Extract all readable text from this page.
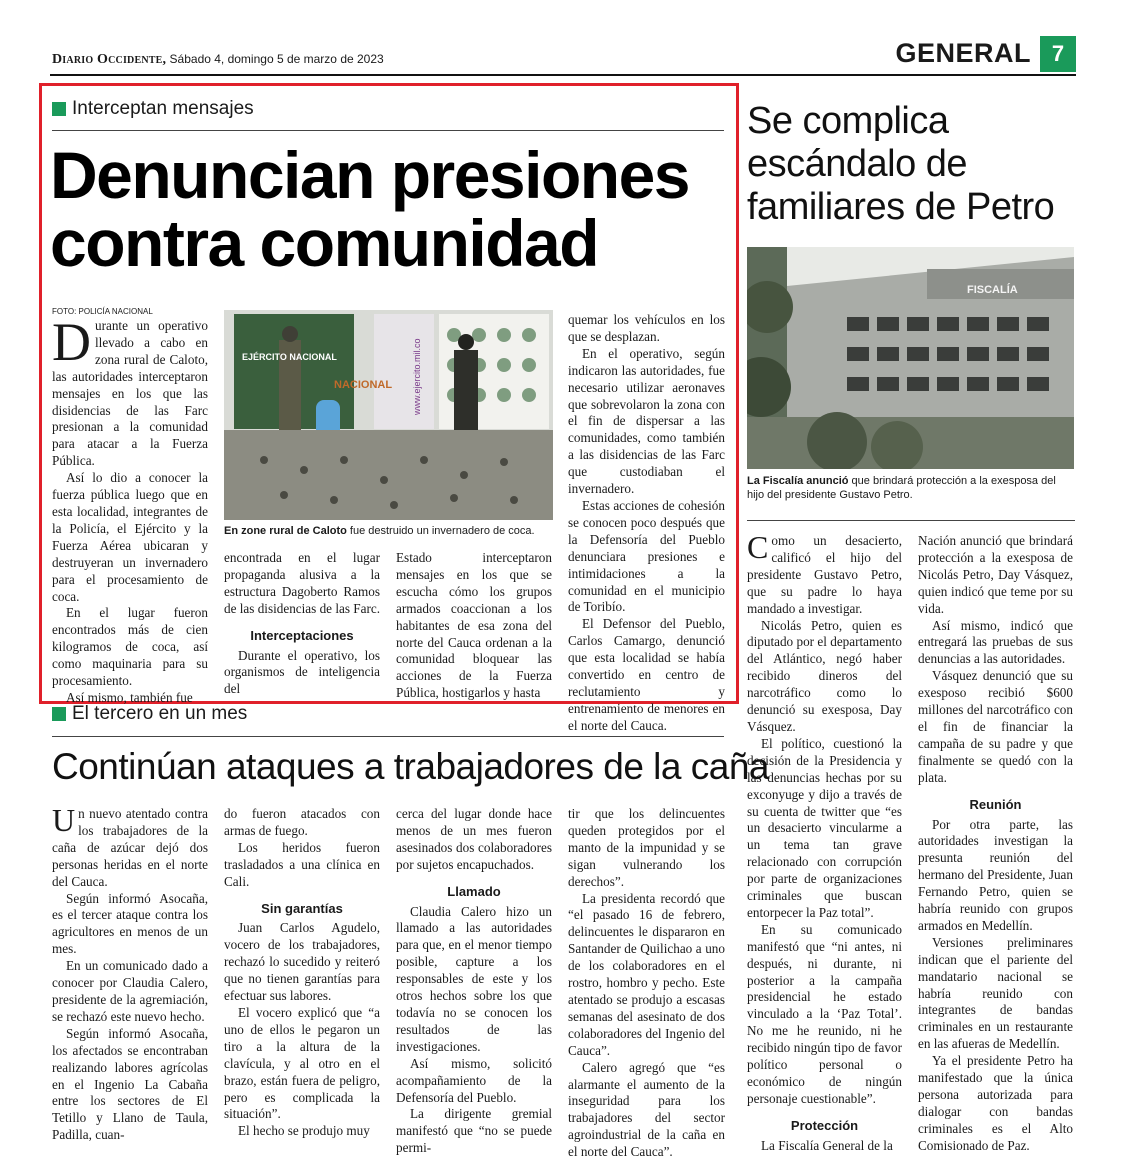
Diario Occidente, Sábado 4, domingo 5 de marzo de 2023	GENERAL 7
Interceptan mensajes
Denuncian presiones
contra comunidad
FOTO: POLICÍA NACIONAL
EJÉRCITO NACIONAL
NACIONAL www.ejercito.mil.co
En zone rural de Caloto fue destruido un invernadero de coca.

Durante un operativo llevado a cabo en zona rural de Caloto, las autoridades interceptaron mensajes en los que las disidencias de las Farc presionan a la comunidad para atacar a la Fuerza Pública.

Así lo dio a conocer la fuerza pública luego que en esta localidad, integrantes de la Policía, el Ejército y la Fuerza Aérea ubicaran y destruyeran un invernadero para el procesamiento de coca.

En el lugar fueron encontrados más de cien kilogramos de coca, así como maquinaria para su procesamiento.

Así mismo, también fue

encontrada en el lugar propaganda alusiva a la estructura Dagoberto Ramos de las disidencias de las Farc.

Interceptaciones

Durante el operativo, los organismos de inteligencia del

Estado interceptaron mensajes en los que se escucha cómo los grupos armados coaccionan a los habitantes de esa zona del norte del Cauca ordenan a la comunidad bloquear las acciones de la Fuerza Pública, hostigarlos y hasta

quemar los vehículos en los que se desplazan.

En el operativo, según indicaron las autoridades, fue necesario utilizar aeronaves que sobrevolaron la zona con el fin de dispersar a las comunidades, como también a las disidencias de las Farc que custodiaban el invernadero.

Estas acciones de cohesión se conocen poco después que la Defensoría del Pueblo denunciara presiones e intimidaciones a la comunidad en el municipio de Toribío.

El Defensor del Pueblo, Carlos Camargo, denunció que esta localidad se había convertido en centro de reclutamiento y entrenamiento de menores en el norte del Cauca.

El tercero en un mes
Continúan ataques a trabajadores de la caña

Un nuevo atentado contra los trabajadores de la caña de azúcar dejó dos personas heridas en el norte del Cauca.

Según informó Asocaña, es el tercer ataque contra los agricultores en menos de un mes.

En un comunicado dado a conocer por Claudia Calero, presidente de la agremiación, se rechazó este nuevo hecho.

Según informó Asocaña, los afectados se encontraban realizando labores agrícolas en el Ingenio La Cabaña entre los sectores de El Tetillo y Llano de Taula, Padilla, cuan-

do fueron atacados con armas de fuego.

Los heridos fueron trasladados a una clínica en Cali.

Sin garantías

Juan Carlos Agudelo, vocero de los trabajadores, rechazó lo sucedido y reiteró que no tienen garantías para efectuar sus labores.

El vocero explicó que “a uno de ellos le pegaron un tiro a la altura de la clavícula, y al otro en el brazo, están fuera de peligro, pero es complicada la situación”.

El hecho se produjo muy

cerca del lugar donde hace menos de un mes fueron asesinados dos colaboradores por sujetos encapuchados.

Llamado

Claudia Calero hizo un llamado a las autoridades para que, en el menor tiempo posible, capture a los responsables de este y los otros hechos sobre los que todavía no se conocen los resultados de las investigaciones.

Así mismo, solicitó acompañamiento de la Defensoría del Pueblo.

La dirigente gremial manifestó que “no se puede permi-

tir que los delincuentes queden protegidos por el manto de la impunidad y se sigan vulnerando los derechos”.

La presidenta recordó que “el pasado 16 de febrero, delincuentes le dispararon en Santander de Quilichao a uno de los colaboradores en el rostro, hombro y pecho. Este atentado se produjo a escasas semanas del asesinato de dos colaboradores del Ingenio del Cauca”.

Calero agregó que “es alarmante el aumento de la inseguridad para los trabajadores del sector agroindustrial de la caña en el norte del Cauca”.

Se complica
escándalo de
familiares de Petro
FISCALÍA
La Fiscalía anunció que brindará protección a la exesposa del hijo del presidente Gustavo Petro.

Como un desacierto, calificó el hijo del presidente Gustavo Petro, que su padre lo haya mandado a investigar.

Nicolás Petro, quien es diputado por el departamento del Atlántico, negó haber recibido dineros del narcotráfico como lo denunció su exesposa, Day Vásquez.

El político, cuestionó la decisión de la Presidencia y las denuncias hechas por su exconyuge y dijo a través de su cuenta de twitter que “es un desacierto vincularme a un tema tan grave relacionado con corrupción por parte de organizaciones criminales que buscan entorpecer la Paz total”.

En su comunicado manifestó que “ni antes, ni después, ni durante, ni posterior a la campaña presidencial he estado vinculado a la ‘Paz Total’. No me he reunido, ni he recibido ningún tipo de favor político personal o económico de ningún personaje cuestionable”.

Protección

La Fiscalía General de la

Nación anunció que brindará protección a la exesposa de Nicolás Petro, Day Vásquez, quien indicó que teme por su vida.

Así mismo, indicó que entregará las pruebas de sus denuncias a las autoridades.

Vásquez denunció que su exesposo recibió $600 millones del narcotráfico con el fin de financiar la campaña de su padre y que finalmente se quedó con la plata.

Reunión

Por otra parte, las autoridades investigan la presunta reunión del hermano del Presidente, Juan Fernando Petro, quien se habría reunido con grupos armados en Medellín.

Versiones preliminares indican que el pariente del mandatario nacional se habría reunido con integrantes de bandas criminales en un restaurante en las afueras de Medellín.

Ya el presidente Petro ha manifestado que la única persona autorizada para dialogar con bandas criminales es el Alto Comisionado de Paz.
